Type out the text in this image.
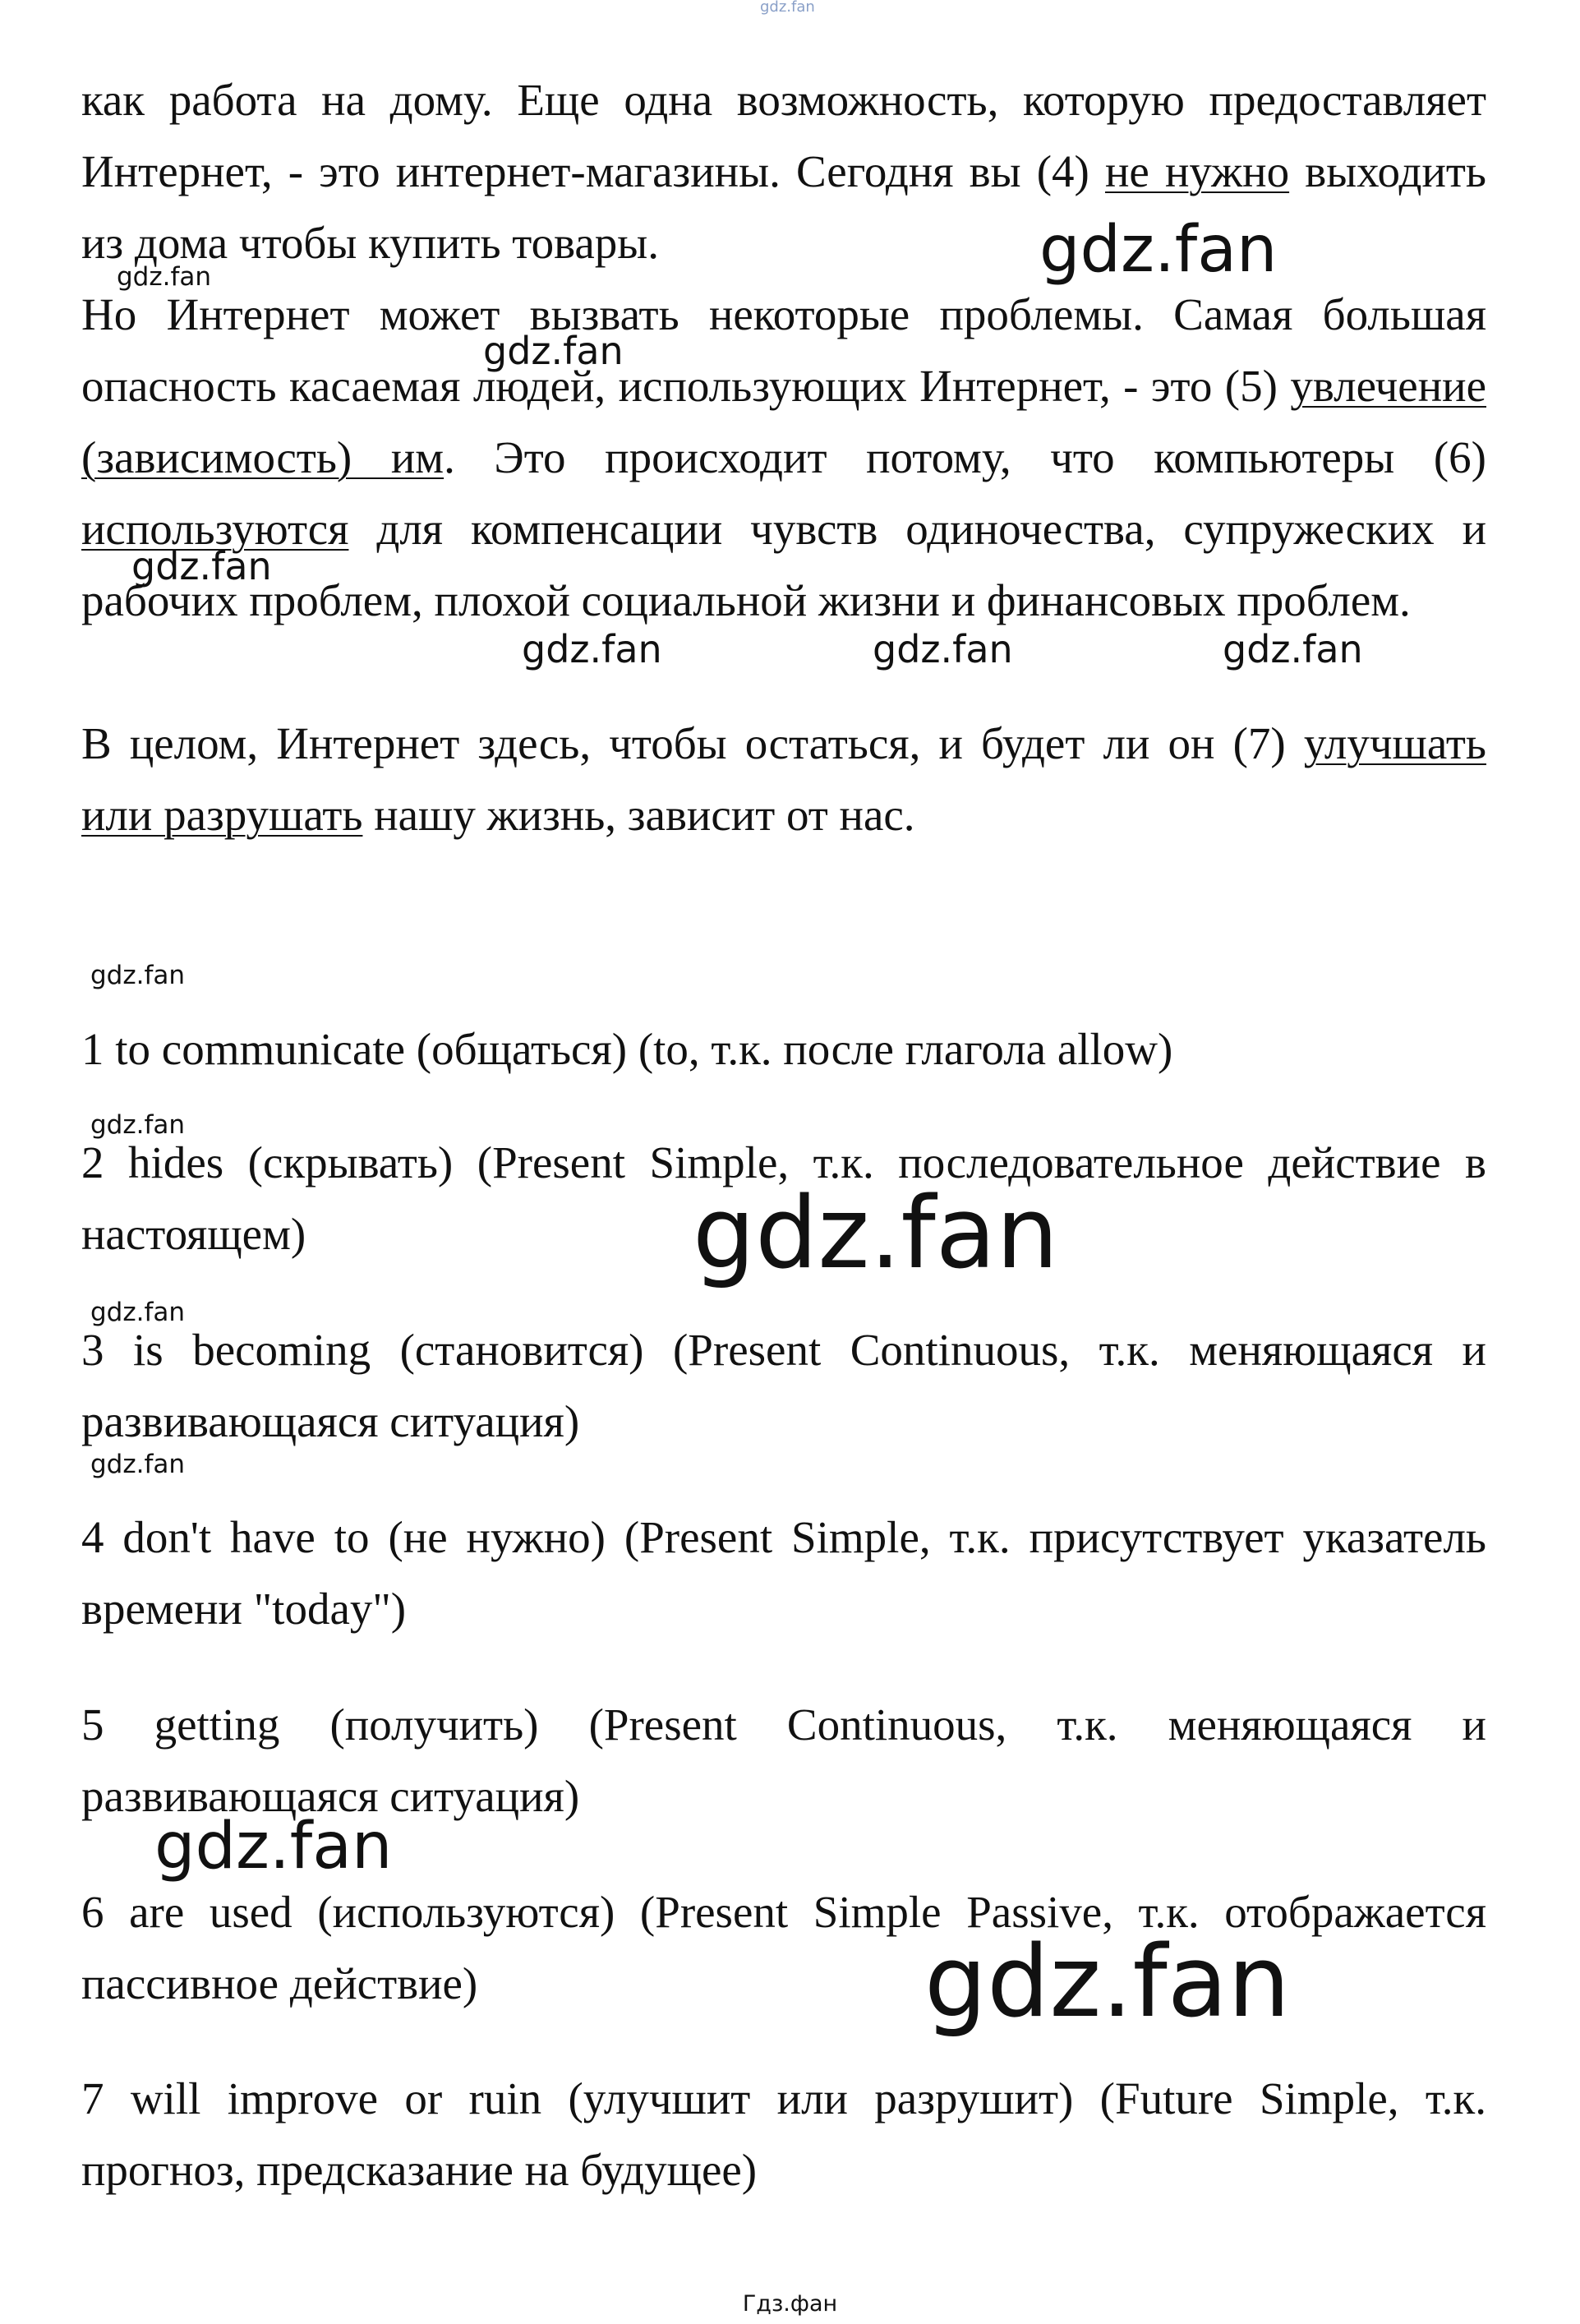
gdz.fan

как работа на дому. Еще одна возможность, которую предоставляет Интернет, - это интернет-магазины. Сегодня вы (4) не нужно выходить из дома чтобы купить товары.

Но Интернет может вызвать некоторые проблемы. Самая большая опасность касаемая людей, использующих Интернет, - это (5) увлечение (зависимость) им. Это происходит потому, что компьютеры (6) используются для компенсации чувств одиночества, супружеских и рабочих проблем, плохой социальной жизни и финансовых проблем.

В целом, Интернет здесь, чтобы остаться, и будет ли он (7) улучшать или разрушать нашу жизнь, зависит от нас.

1 to communicate (общаться) (to, т.к. после глагола allow)

2 hides (скрывать) (Present Simple, т.к. последовательное действие в настоящем)

3 is becoming (становится) (Present Continuous, т.к. меняющаяся и развивающаяся ситуация)

4 don't have to (не нужно) (Present Simple, т.к. присутствует указатель времени "today")

5 getting (получить) (Present Continuous, т.к. меняющаяся и развивающаяся ситуация)

6 are used (используются) (Present Simple Passive, т.к. отображается пассивное действие)

7 will improve or ruin (улучшит или разрушит) (Future Simple, т.к. прогноз, предсказание на будущее)

gdz.fan
gdz.fan
gdz.fan
gdz.fan
gdz.fan	gdz.fan	gdz.fan
gdz.fan
gdz.fan
gdz.fan
gdz.fan
gdz.fan
gdz.fan
gdz.fan
Гдз.фан
